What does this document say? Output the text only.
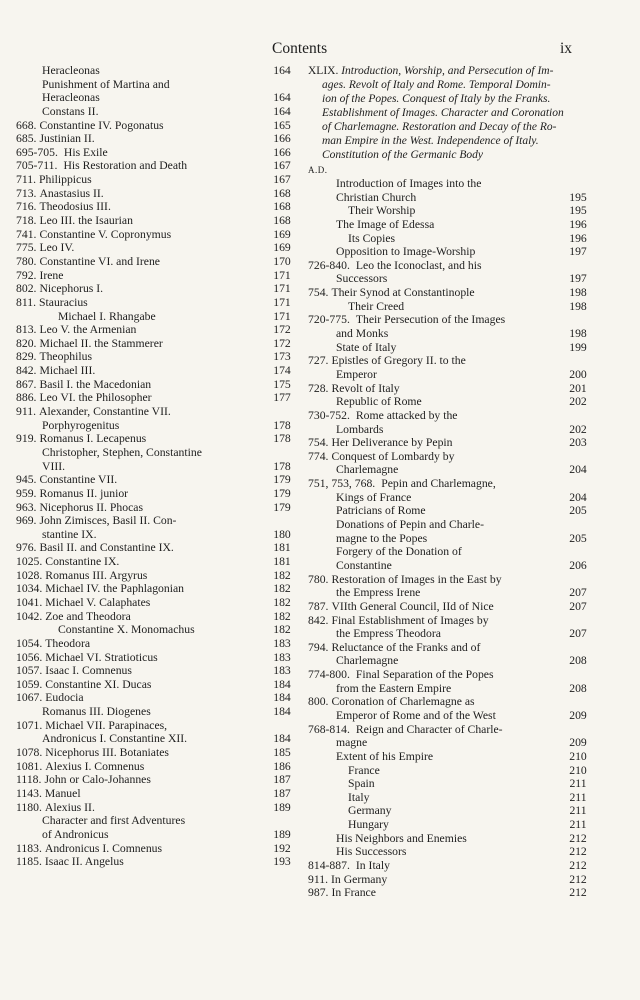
Contents	ix
Heracleonas	164
Punishment of Martina and
Heracleonas	164
Constans II.	164
668. Constantine IV. Pogonatus	165
685. Justinian II.	166
695-705. His Exile	166
705-711. His Restoration and Death	167
711. Philippicus	167
713. Anastasius II.	168
716. Theodosius III.	168
718. Leo III. the Isaurian	168
741. Constantine V. Copronymus	169
775. Leo IV.	169
780. Constantine VI. and Irene	170
792. Irene	171
802. Nicephorus I.	171
811. Stauracius	171
Michael I. Rhangabe	171
813. Leo V. the Armenian	172
820. Michael II. the Stammerer	172
829. Theophilus	173
842. Michael III.	174
867. Basil I. the Macedonian	175
886. Leo VI. the Philosopher	177
911. Alexander, Constantine VII.
Porphyrogenitus	178
919. Romanus I. Lecapenus	178
Christopher, Stephen, Constantine
VIII.	178
945. Constantine VII.	179
959. Romanus II. junior	179
963. Nicephorus II. Phocas	179
969. John Zimisces, Basil II. Con-
stantine IX.	180
976. Basil II. and Constantine IX.	181
1025. Constantine IX.	181
1028. Romanus III. Argyrus	182
1034. Michael IV. the Paphlagonian	182
1041. Michael V. Calaphates	182
1042. Zoe and Theodora	182
Constantine X. Monomachus	182
1054. Theodora	183
1056. Michael VI. Stratioticus	183
1057. Isaac I. Comnenus	183
1059. Constantine XI. Ducas	184
1067. Eudocia	184
Romanus III. Diogenes	184
1071. Michael VII. Parapinaces,
Andronicus I. Constantine XII.	184
1078. Nicephorus III. Botaniates	185
1081. Alexius I. Comnenus	186
1118. John or Calo-Johannes	187
1143. Manuel	187
1180. Alexius II.	189
Character and first Adventures
of Andronicus	189
1183. Andronicus I. Comnenus	192
1185. Isaac II. Angelus	193
XLIX. Introduction, Worship, and Persecution of Im-
ages. Revolt of Italy and Rome. Temporal Domin-
ion of the Popes. Conquest of Italy by the Franks.
Establishment of Images. Character and Coronation
of Charlemagne. Restoration and Decay of the Ro-
man Empire in the West. Independence of Italy.
Constitution of the Germanic Body
A.D.
Introduction of Images into the
Christian Church	195
Their Worship	195
The Image of Edessa	196
Its Copies	196
Opposition to Image-Worship	197
726-840. Leo the Iconoclast, and his
Successors	197
754. Their Synod at Constantinople	198
Their Creed	198
720-775. Their Persecution of the Images
and Monks	198
State of Italy	199
727. Epistles of Gregory II. to the
Emperor	200
728. Revolt of Italy	201
Republic of Rome	202
730-752. Rome attacked by the
Lombards	202
754. Her Deliverance by Pepin	203
774. Conquest of Lombardy by
Charlemagne	204
751, 753, 768. Pepin and Charlemagne,
Kings of France	204
Patricians of Rome	205
Donations of Pepin and Charle-
magne to the Popes	205
Forgery of the Donation of
Constantine	206
780. Restoration of Images in the East by
the Empress Irene	207
787. VIIth General Council, IId of Nice	207
842. Final Establishment of Images by
the Empress Theodora	207
794. Reluctance of the Franks and of
Charlemagne	208
774-800. Final Separation of the Popes
from the Eastern Empire	208
800. Coronation of Charlemagne as
Emperor of Rome and of the West	209
768-814. Reign and Character of Charle-
magne	209
Extent of his Empire	210
France	210
Spain	211
Italy	211
Germany	211
Hungary	211
His Neighbors and Enemies	212
His Successors	212
814-887. In Italy	212
911. In Germany	212
987. In France	212
